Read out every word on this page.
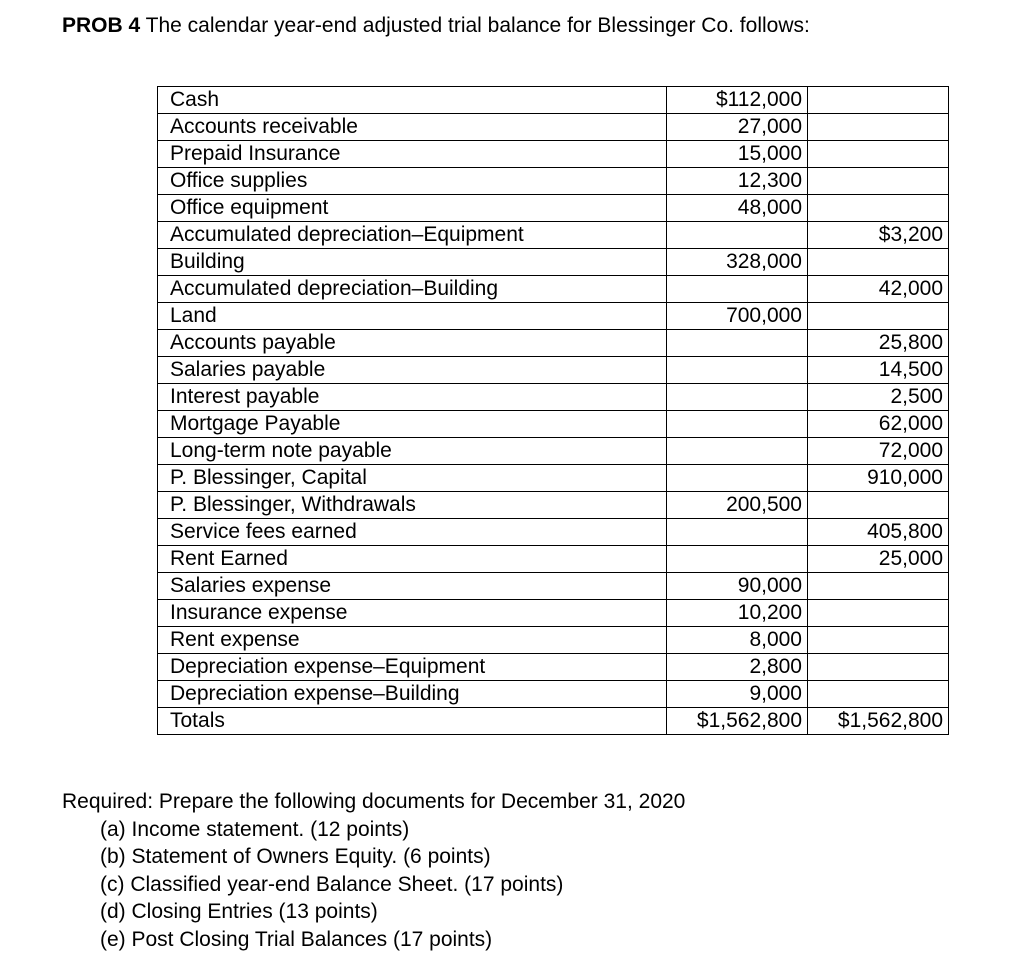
PROB 4 The calendar year-end adjusted trial balance for Blessinger Co. follows:
Cash	$112,000	
Accounts receivable	27,000	
Prepaid Insurance	15,000	
Office supplies	12,300	
Office equipment	48,000	
Accumulated depreciation–Equipment		$3,200
Building	328,000	
Accumulated depreciation–Building		42,000
Land	700,000	
Accounts payable		25,800
Salaries payable		14,500
Interest payable		2,500
Mortgage Payable		62,000
Long-term note payable		72,000
P. Blessinger, Capital		910,000
P. Blessinger, Withdrawals	200,500	
Service fees earned		405,800
Rent Earned		25,000
Salaries expense	90,000	
Insurance expense	10,200	
Rent expense	8,000	
Depreciation expense–Equipment	2,800	
Depreciation expense–Building	9,000	
Totals	$1,562,800	$1,562,800
Required: Prepare the following documents for December 31, 2020
(a) Income statement. (12 points)
(b) Statement of Owners Equity. (6 points)
(c) Classified year-end Balance Sheet. (17 points)
(d) Closing Entries (13 points)
(e) Post Closing Trial Balances (17 points)
